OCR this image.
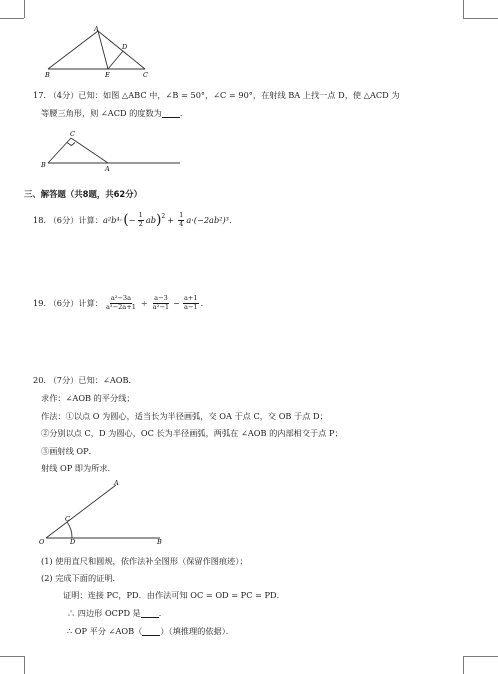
A
B	C
D
E
17. （4分）已知：如图 △ABC 中，∠B = 50°，∠C = 90°，在射线 BA 上找一点 D，使 △ACD 为
等腰三角形，则 ∠ACD 的度数为 ．
C
B	A
三、解答题（共8题，共62分）
18. （6分）计算： a²b⁴· ( − $\frac{1}{2}$ ab )$^2 + \frac{1}{4} a\cdot(-2ab^2)^3$．
19. （6分）计算： $\frac{\text{a²−3a}}{\text{a²−2a+1}} \div \frac{a-3}{\text{a²−1}} - \frac{a+1}{a-1}$ ．
20. （7分）已知：∠AOB．
求作：∠AOB 的平分线；
作法：①以点 O 为圆心，适当长为半径画弧，交 OA 于点 C，交 OB 于点 D；
②分别以点 C，D 为圆心，OC 长为半径画弧，两弧在 ∠AOB 的内部相交于点 P；
③画射线 OP．
射线 OP 即为所求．
A
C
O	D	B
(1) 使用直尺和圆规，依作法补全图形（保留作图痕迹）；
(2) 完成下面的证明．
证明：连接 PC，PD．由作法可知 OC = OD = PC = PD．
∴ 四边形 OCPD 是 ．
∴ OP 平分 ∠AOB（ ）（填推理的依据）．
